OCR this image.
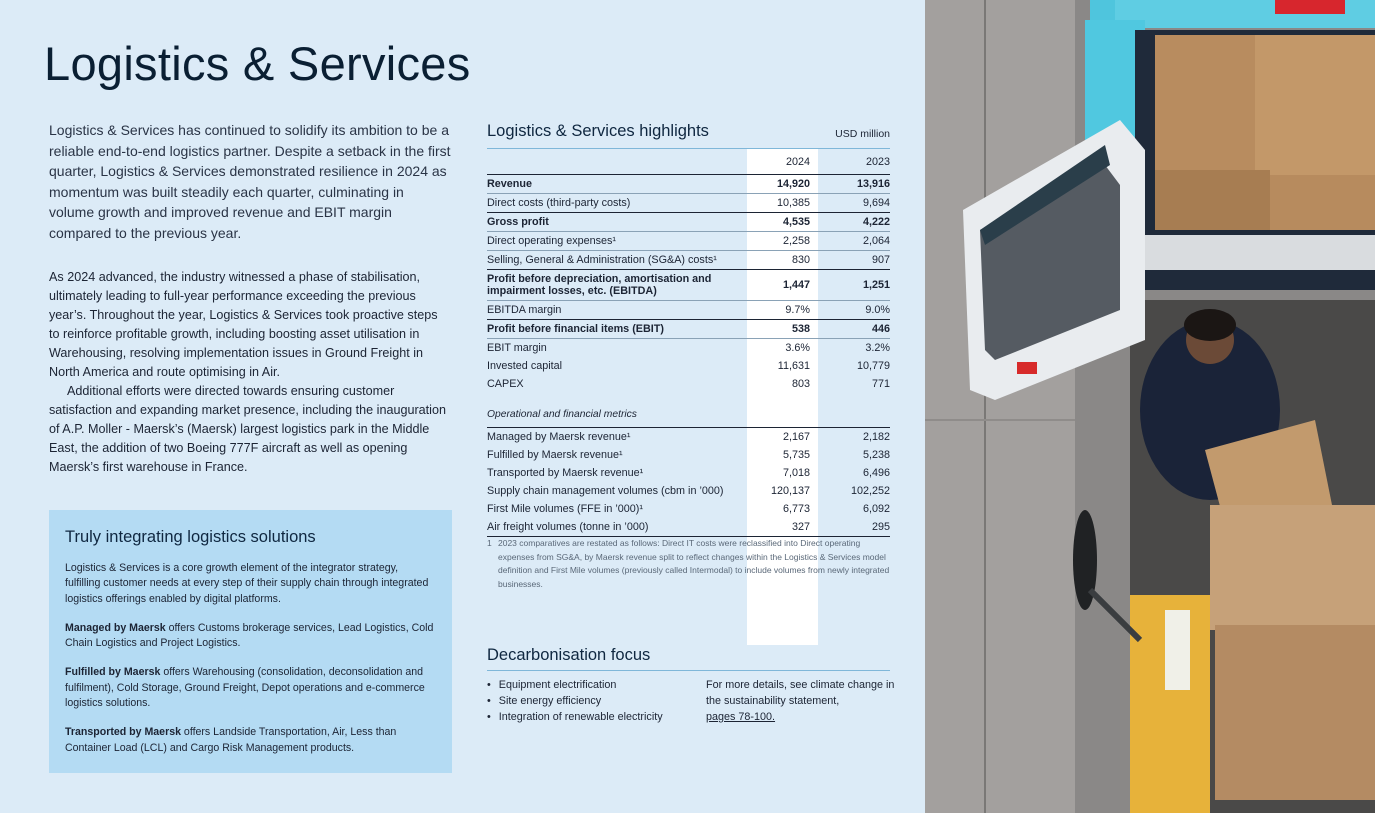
Logistics & Services
Logistics & Services has continued to solidify its ambition to be a reliable end-to-end logistics partner. Despite a setback in the first quarter, Logistics & Services demonstrated resilience in 2024 as momentum was built steadily each quarter, culminating in volume growth and improved revenue and EBIT margin compared to the previous year.

As 2024 advanced, the industry witnessed a phase of stabilisation, ultimately leading to full-year performance exceeding the previous year’s. Throughout the year, Logistics & Services took proactive steps to reinforce profitable growth, including boosting asset utilisation in Warehousing, resolving implementation issues in Ground Freight in North America and route optimising in Air.

Additional efforts were directed towards ensuring customer satisfaction and expanding market presence, including the inauguration of A.P. Moller - Maersk’s (Maersk) largest logistics park in the Middle East, the addition of two Boeing 777F aircraft as well as opening Maersk’s first warehouse in France.

Truly integrating logistics solutions

Logistics & Services is a core growth element of the integrator strategy, fulfilling customer needs at every step of their supply chain through integrated logistics offerings enabled by digital platforms.

Managed by Maersk offers Customs brokerage services, Lead Logistics, Cold Chain Logistics and Project Logistics.

Fulfilled by Maersk offers Warehousing (consolidation, deconsolidation and fulfilment), Cold Storage, Ground Freight, Depot operations and e-commerce logistics solutions.

Transported by Maersk offers Landside Transportation, Air, Less than Container Load (LCL) and Cargo Risk Management products.

Logistics & Services highlights	USD million
	2024	2023
Revenue	14,920	13,916
Direct costs (third-party costs)	10,385	9,694
Gross profit	4,535	4,222
Direct operating expenses¹	2,258	2,064
Selling, General & Administration (SG&A) costs¹	830	907
Profit before depreciation, amortisation and impairment losses, etc. (EBITDA)	1,447	1,251
EBITDA margin	9.7%	9.0%
Profit before financial items (EBIT)	538	446
EBIT margin	3.6%	3.2%
Invested capital	11,631	10,779
CAPEX	803	771
Operational and financial metrics		
Managed by Maersk revenue¹	2,167	2,182
Fulfilled by Maersk revenue¹	5,735	5,238
Transported by Maersk revenue¹	7,018	6,496
Supply chain management volumes (cbm in ’000)	120,137	102,252
First Mile volumes (FFE in ’000)¹	6,773	6,092
Air freight volumes (tonne in ’000)	327	295
1 2023 comparatives are restated as follows: Direct IT costs were reclassified into Direct operating expenses from SG&A, by Maersk revenue split to reflect changes within the Logistics & Services model definition and First Mile volumes (previously called Intermodal) to include volumes from newly integrated businesses.
Decarbonisation focus
• Equipment electrification
• Site energy efficiency
• Integration of renewable electricity
For more details, see climate change in the sustainability statement,
pages 78-100.
